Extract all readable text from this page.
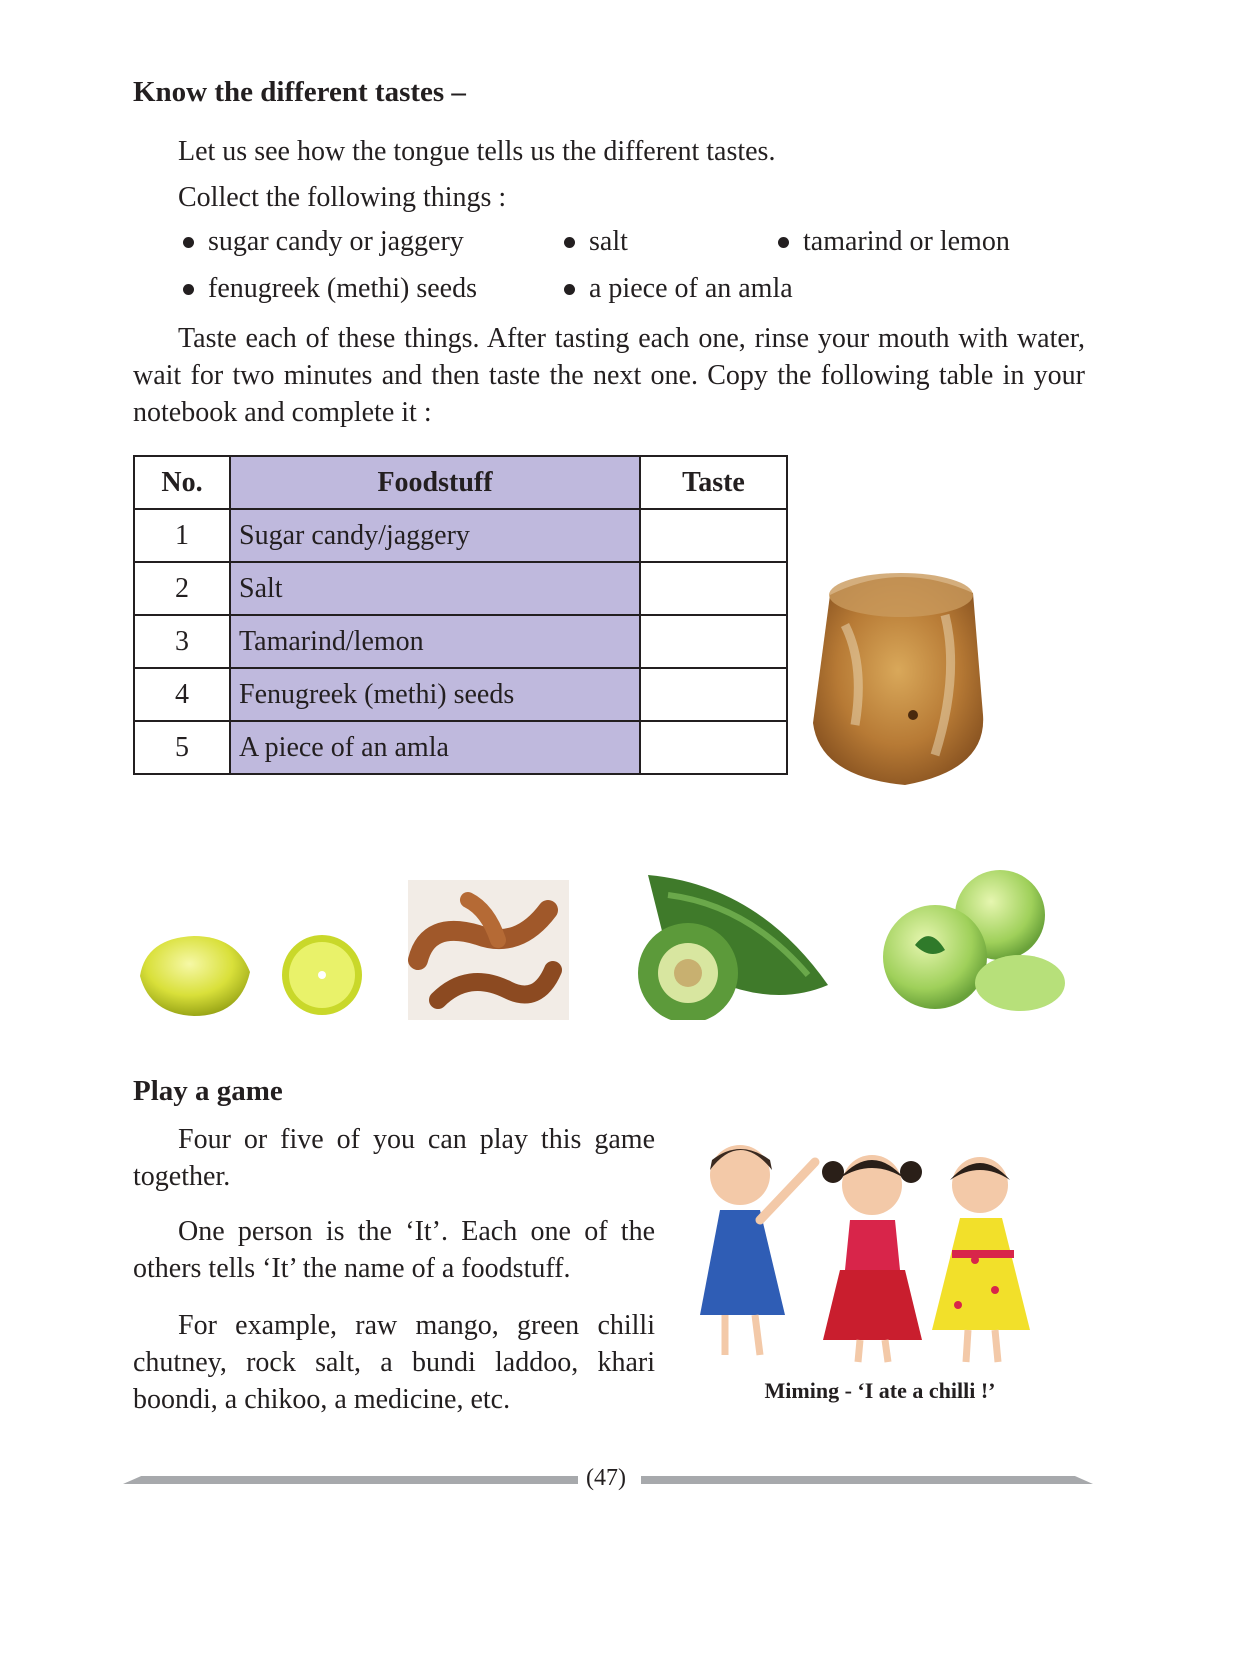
Know the different tastes –

Let us see how the tongue tells us the different tastes.

Collect the following things :

sugar candy or jaggery	salt	tamarind or lemon
fenugreek (methi) seeds	a piece of an amla

Taste each of these things. After tasting each one, rinse your mouth with water, wait for two minutes and then taste the next one. Copy the following table in your notebook and complete it :

No.	Foodstuff	Taste
1	Sugar candy/jaggery	
2	Salt	
3	Tamarind/lemon	
4	Fenugreek (methi) seeds	
5	A piece of an amla	
Play a game

Four or five of you can play this game together.

One person is the ‘It’. Each one of the others tells ‘It’ the name of a foodstuff.

For example, raw mango, green chilli chutney, rock salt, a bundi laddoo, khari boondi, a chikoo, a medicine, etc.	Miming - ‘I ate a chilli !’

(47)
